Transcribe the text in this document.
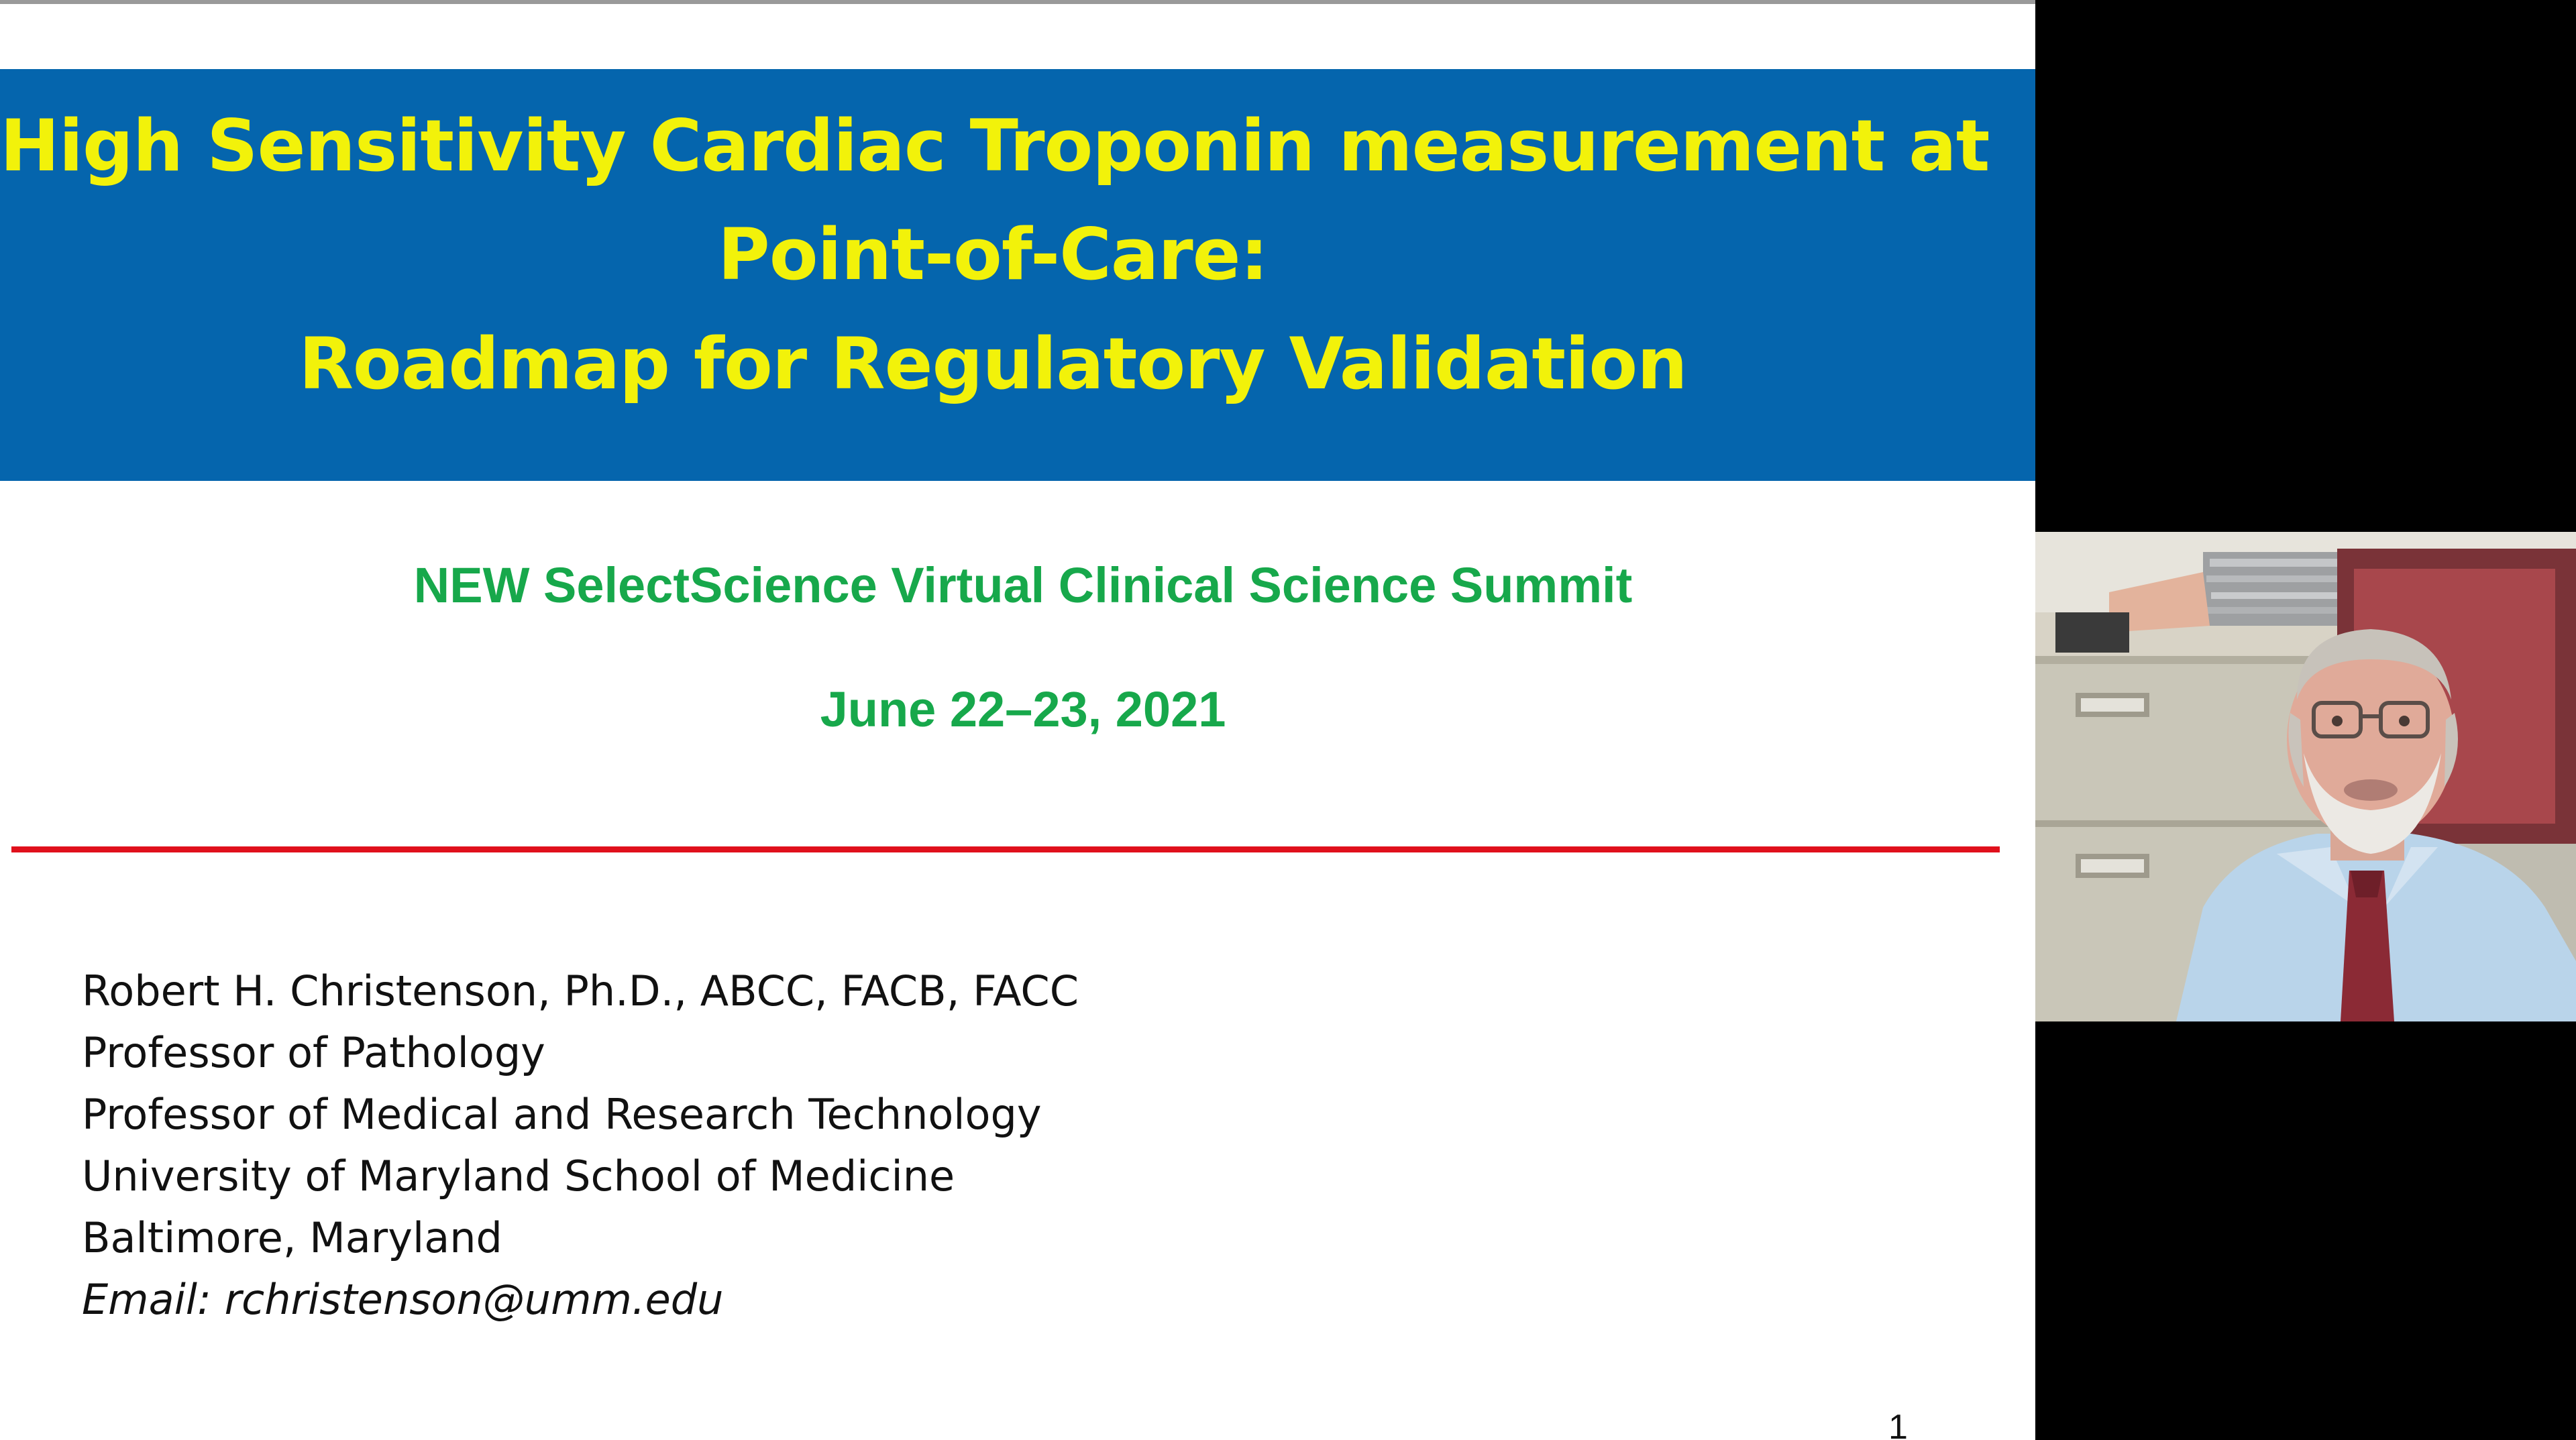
High Sensitivity Cardiac Troponin measurement at
Point-of-Care:
Roadmap for Regulatory Validation
NEW SelectScience Virtual Clinical Science Summit
June 22–23, 2021
Robert H. Christenson, Ph.D., ABCC, FACB, FACC
Professor of Pathology
Professor of Medical and Research Technology
University of Maryland School of Medicine
Baltimore, Maryland
Email: rchristenson@umm.edu
1
